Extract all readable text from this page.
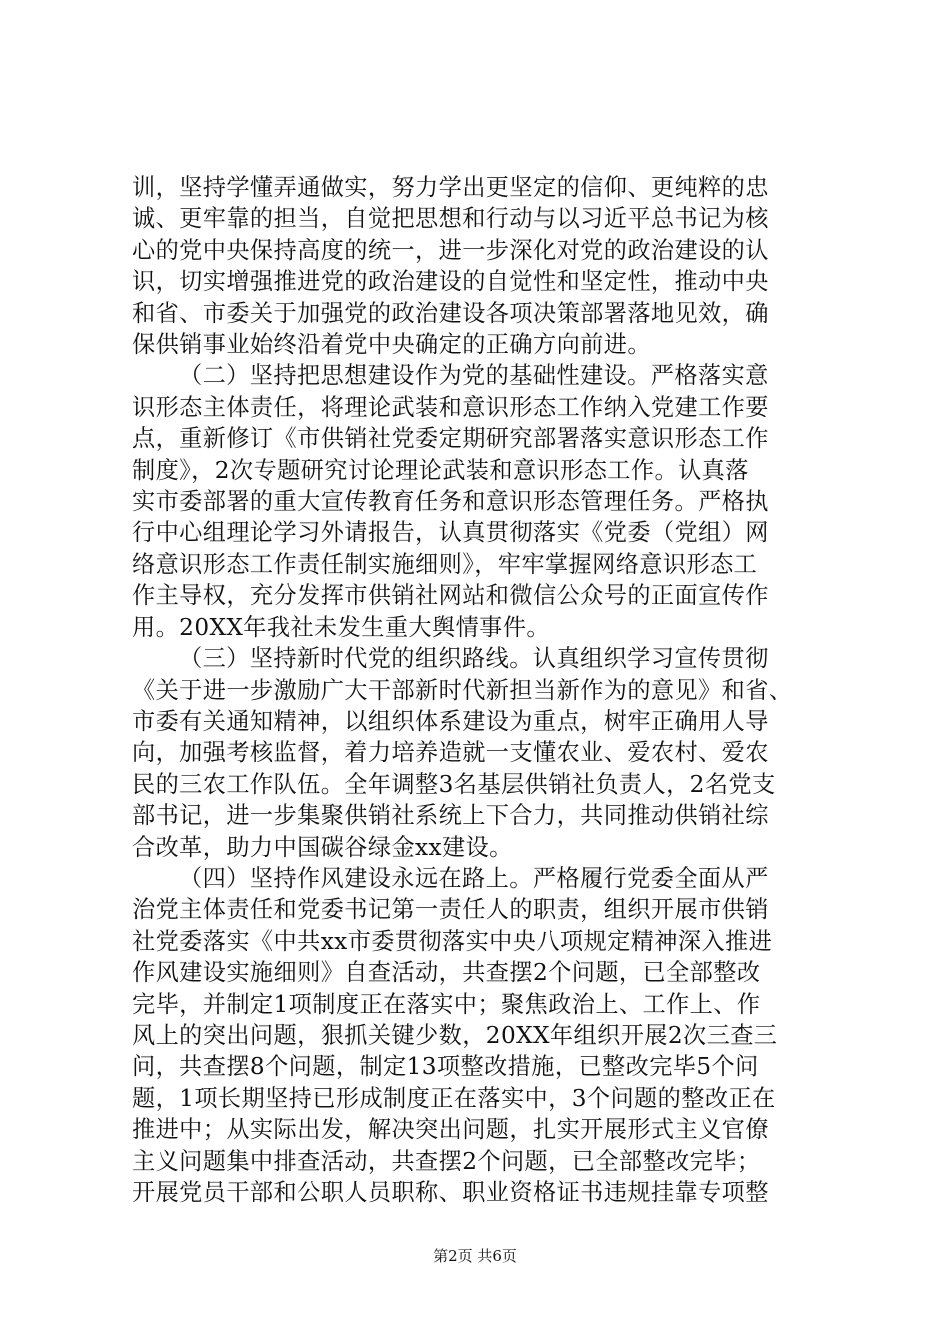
训，坚持学懂弄通做实，努力学出更坚定的信仰、更纯粹的忠
诚、更牢靠的担当，自觉把思想和行动与以习近平总书记为核
心的党中央保持高度的统一，进一步深化对党的政治建设的认
识，切实增强推进党的政治建设的自觉性和坚定性，推动中央
和省、市委关于加强党的政治建设各项决策部署落地见效，确
保供销事业始终沿着党中央确定的正确方向前进。

（二）坚持把思想建设作为党的基础性建设。严格落实意
识形态主体责任，将理论武装和意识形态工作纳入党建工作要
点，重新修订《市供销社党委定期研究部署落实意识形态工作
制度》，2次专题研究讨论理论武装和意识形态工作。认真落
实市委部署的重大宣传教育任务和意识形态管理任务。严格执
行中心组理论学习外请报告，认真贯彻落实《党委（党组）网
络意识形态工作责任制实施细则》，牢牢掌握网络意识形态工
作主导权，充分发挥市供销社网站和微信公众号的正面宣传作
用。20XX年我社未发生重大舆情事件。

（三）坚持新时代党的组织路线。认真组织学习宣传贯彻
《关于进一步激励广大干部新时代新担当新作为的意见》和省、
市委有关通知精神，以组织体系建设为重点，树牢正确用人导
向，加强考核监督，着力培养造就一支懂农业、爱农村、爱农
民的三农工作队伍。全年调整3名基层供销社负责人，2名党支
部书记，进一步集聚供销社系统上下合力，共同推动供销社综
合改革，助力中国碳谷绿金xx建设。

（四）坚持作风建设永远在路上。严格履行党委全面从严
治党主体责任和党委书记第一责任人的职责，组织开展市供销
社党委落实《中共xx市委贯彻落实中央八项规定精神深入推进
作风建设实施细则》自查活动，共查摆2个问题，已全部整改
完毕，并制定1项制度正在落实中；聚焦政治上、工作上、作
风上的突出问题，狠抓关键少数，20XX年组织开展2次三查三
问，共查摆8个问题，制定13项整改措施，已整改完毕5个问
题，1项长期坚持已形成制度正在落实中，3个问题的整改正在
推进中；从实际出发，解决突出问题，扎实开展形式主义官僚
主义问题集中排查活动，共查摆2个问题，已全部整改完毕；
开展党员干部和公职人员职称、职业资格证书违规挂靠专项整

第2页 共6页
